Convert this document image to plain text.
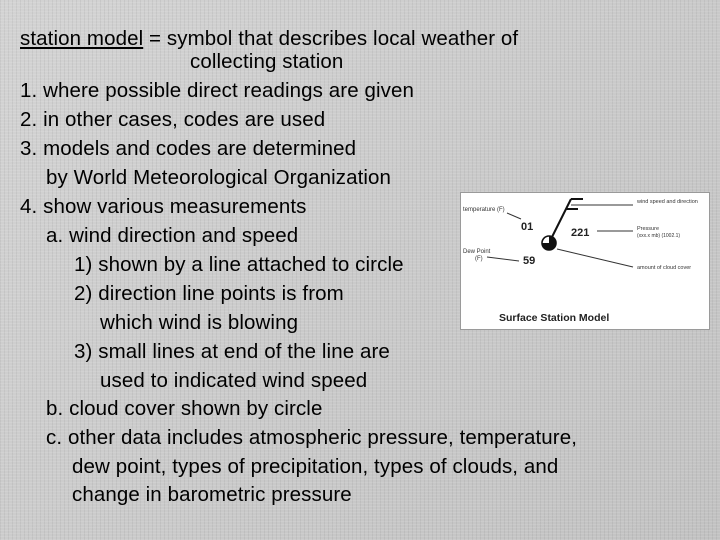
station model = symbol that describes local weather of
collecting station
1. where possible direct readings are given
2. in other cases, codes are used
3. models and codes are determined
by World Meteorological Organization
4. show various measurements
a. wind direction and speed
1) shown by a line attached to circle
2) direction line points is from
which wind is blowing
3) small lines at end of the line are
used to indicated wind speed
b. cloud cover shown by circle
c. other data includes atmospheric pressure, temperature,
dew point, types of precipitation, types of clouds, and
change in barometric pressure
temperature (F)
Dew Point
(F)
wind speed and direction
Pressure
(xxx.x mb) (1002.1)
amount of cloud cover
01
59
221
Surface Station Model
